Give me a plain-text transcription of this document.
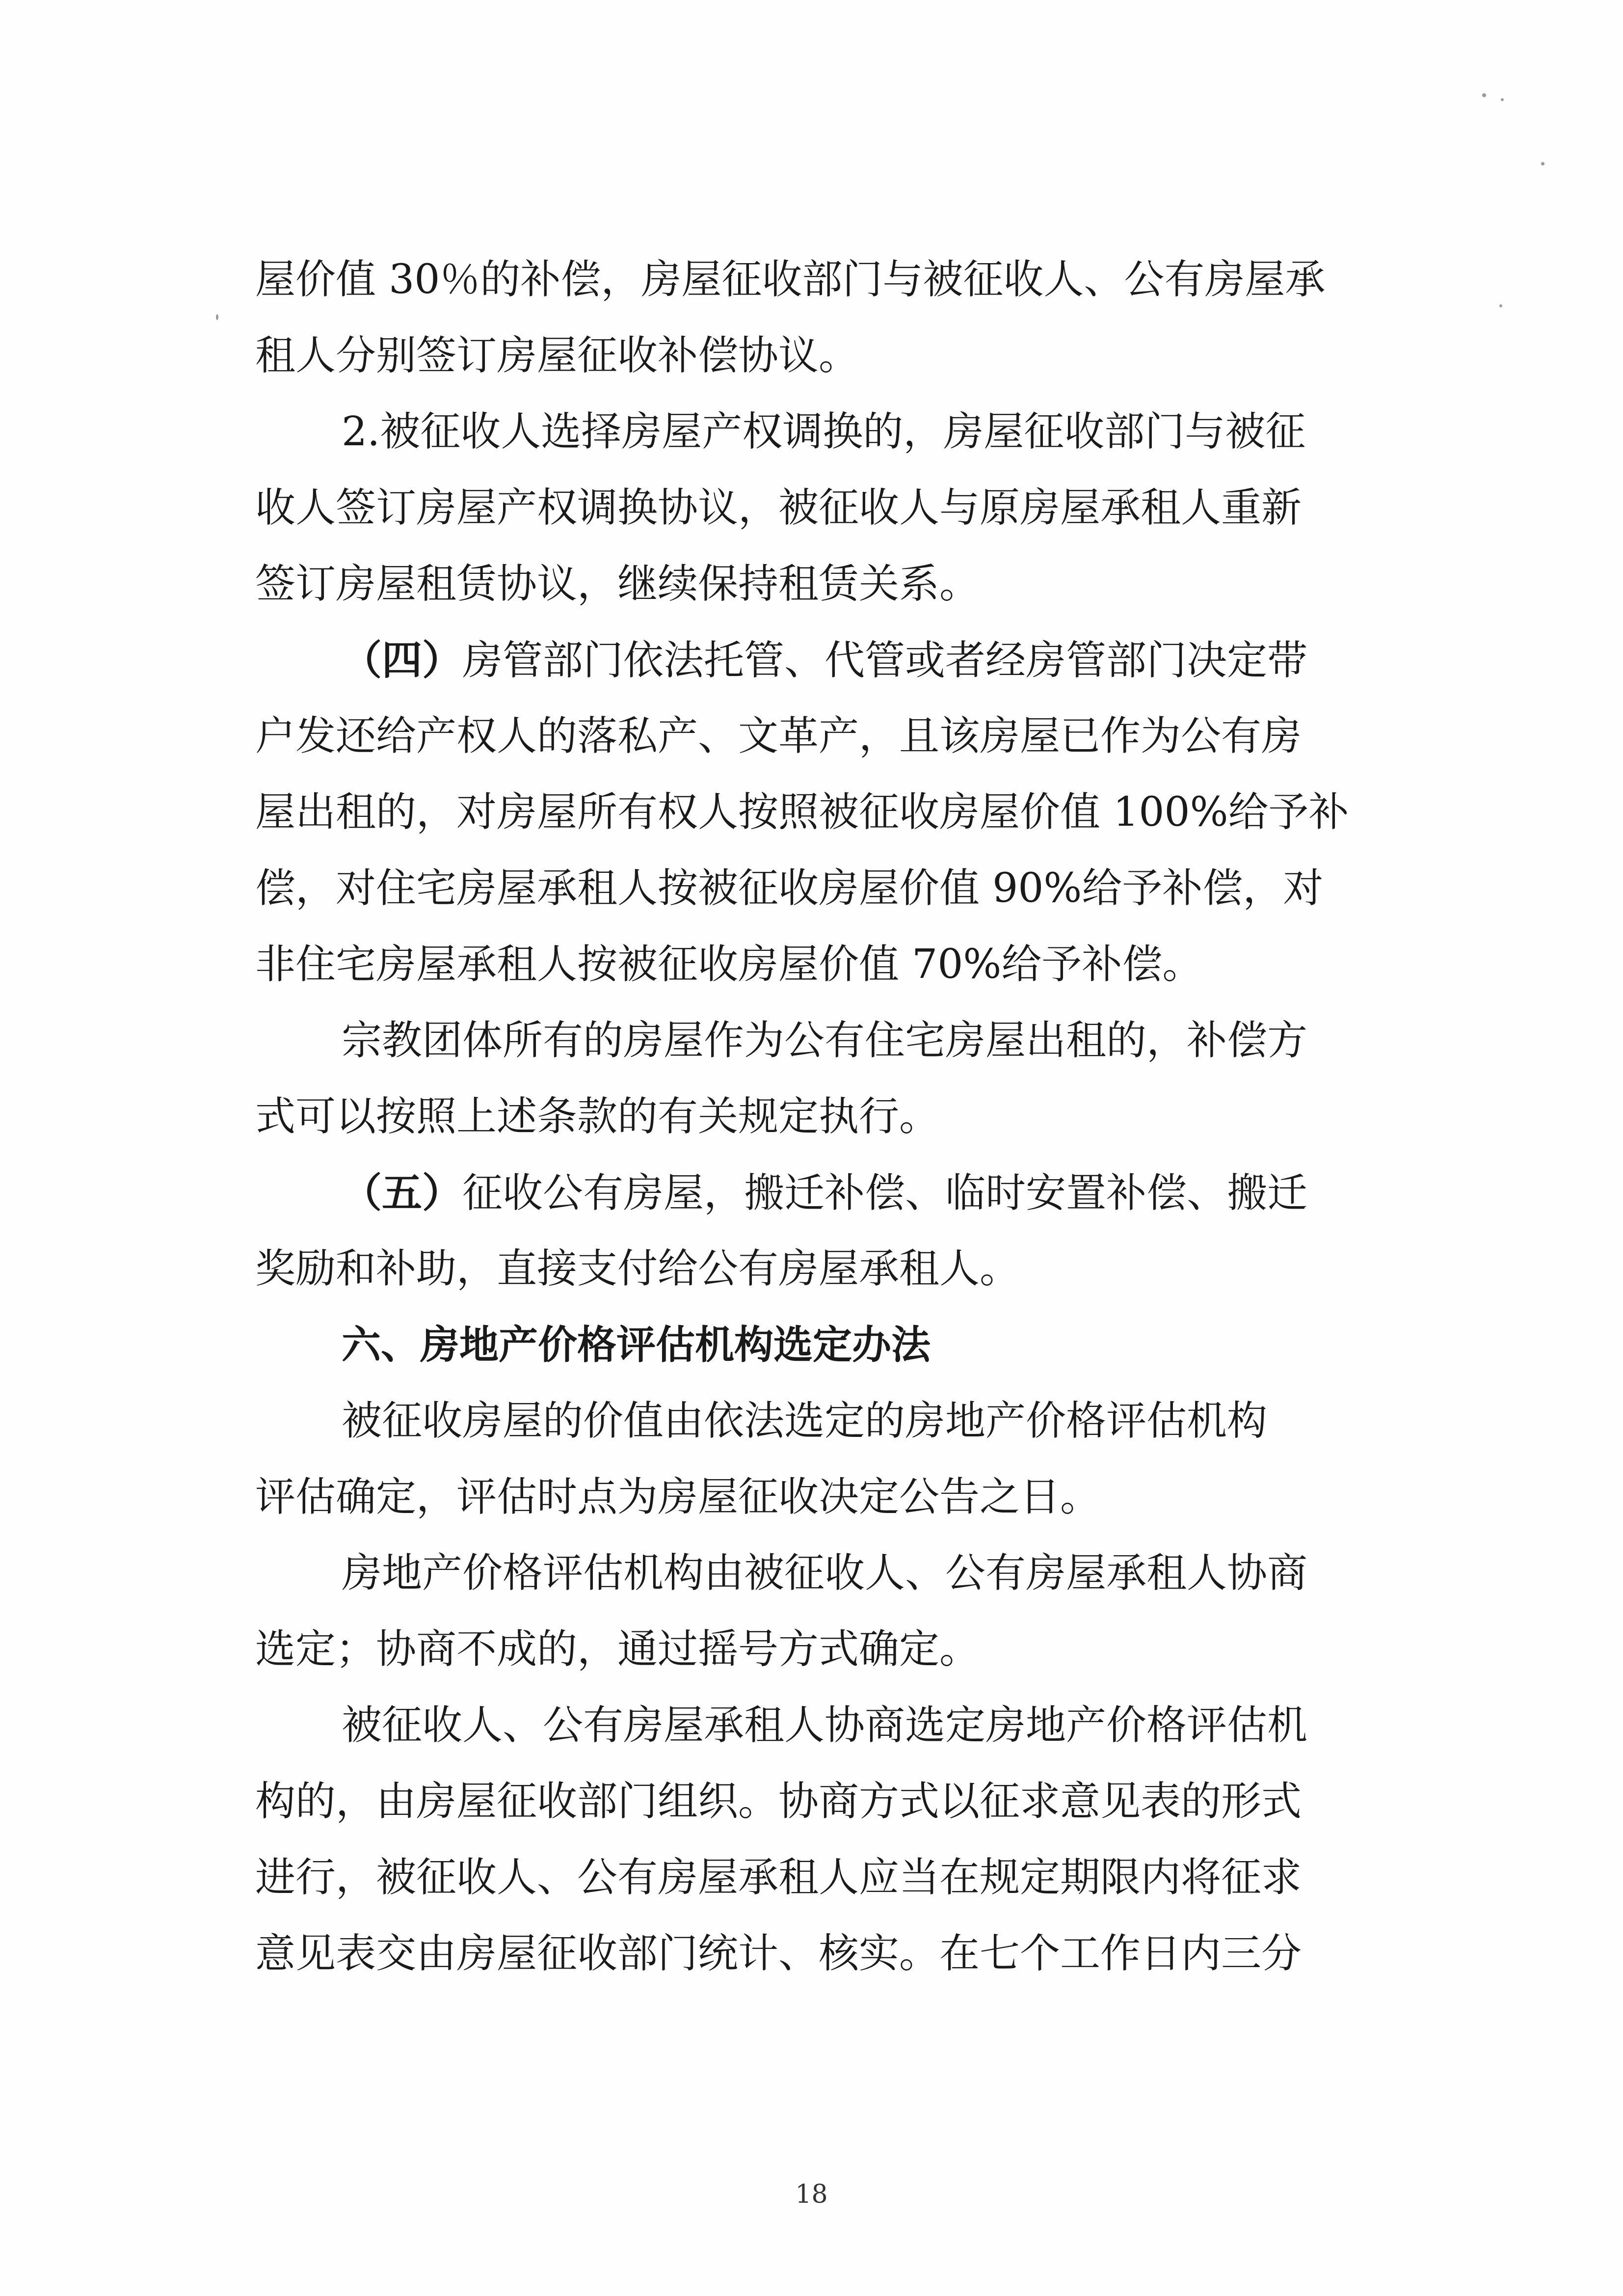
屋价值 30％的补偿，房屋征收部门与被征收人、公有房屋承
租人分别签订房屋征收补偿协议。
2.被征收人选择房屋产权调换的，房屋征收部门与被征
收人签订房屋产权调换协议，被征收人与原房屋承租人重新
签订房屋租赁协议，继续保持租赁关系。
（四）房管部门依法托管、代管或者经房管部门决定带
户发还给产权人的落私产、文革产，且该房屋已作为公有房
屋出租的，对房屋所有权人按照被征收房屋价值 100%给予补
偿，对住宅房屋承租人按被征收房屋价值 90%给予补偿，对
非住宅房屋承租人按被征收房屋价值 70%给予补偿。
宗教团体所有的房屋作为公有住宅房屋出租的，补偿方
式可以按照上述条款的有关规定执行。
（五）征收公有房屋，搬迁补偿、临时安置补偿、搬迁
奖励和补助，直接支付给公有房屋承租人。
六、房地产价格评估机构选定办法
被征收房屋的价值由依法选定的房地产价格评估机构
评估确定，评估时点为房屋征收决定公告之日。
房地产价格评估机构由被征收人、公有房屋承租人协商
选定；协商不成的，通过摇号方式确定。
被征收人、公有房屋承租人协商选定房地产价格评估机
构的，由房屋征收部门组织。协商方式以征求意见表的形式
进行，被征收人、公有房屋承租人应当在规定期限内将征求
意见表交由房屋征收部门统计、核实。在七个工作日内三分
18
